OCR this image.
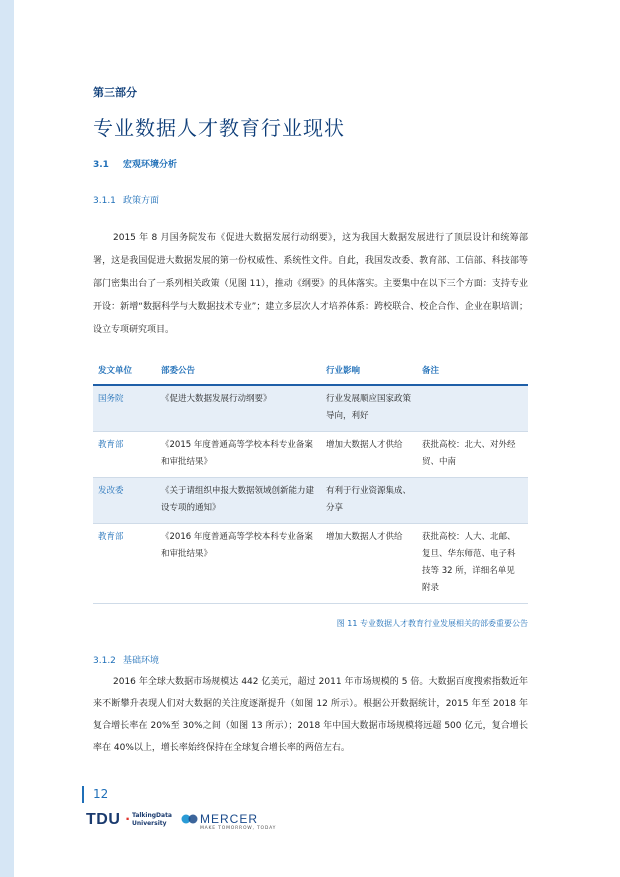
第三部分
专业数据人才教育行业现状
3.1 宏观环境分析
3.1.1 政策方面
2015 年 8 月国务院发布《促进大数据发展行动纲要》，这为我国大数据发展进行了顶层设计和统筹部署，这是我国促进大数据发展的第一份权威性、系统性文件。自此，我国发改委、教育部、工信部、科技部等部门密集出台了一系列相关政策（见图 11），推动《纲要》的具体落实。主要集中在以下三个方面：支持专业开设：新增“数据科学与大数据技术专业”；建立多层次人才培养体系：跨校联合、校企合作、企业在职培训；设立专项研究项目。
发文单位	部委公告	行业影响	备注
国务院	《促进大数据发展行动纲要》	行业发展顺应国家政策导向，利好	
教育部	《2015 年度普通高等学校本科专业备案和审批结果》	增加大数据人才供给	获批高校：北大、对外经贸、中南
发改委	《关于请组织申报大数据领域创新能力建设专项的通知》	有利于行业资源集成、分享	
教育部	《2016 年度普通高等学校本科专业备案和审批结果》	增加大数据人才供给	获批高校：人大、北邮、复旦、华东师范、电子科技等 32 所，详细名单见附录
图 11 专业数据人才教育行业发展相关的部委重要公告
3.1.2 基础环境
2016 年全球大数据市场规模达 442 亿美元，超过 2011 年市场规模的 5 倍。大数据百度搜索指数近年来不断攀升表现人们对大数据的关注度逐渐提升（如图 12 所示）。根据公开数据统计，2015 年至 2018 年复合增长率在 20%至 30%之间（如图 13 所示）；2018 年中国大数据市场规模将远超 500 亿元，复合增长率在 40%以上，增长率始终保持在全球复合增长率的两倍左右。
12
TDU · TalkingData
University	MERCER
MAKE TOMORROW, TODAY
